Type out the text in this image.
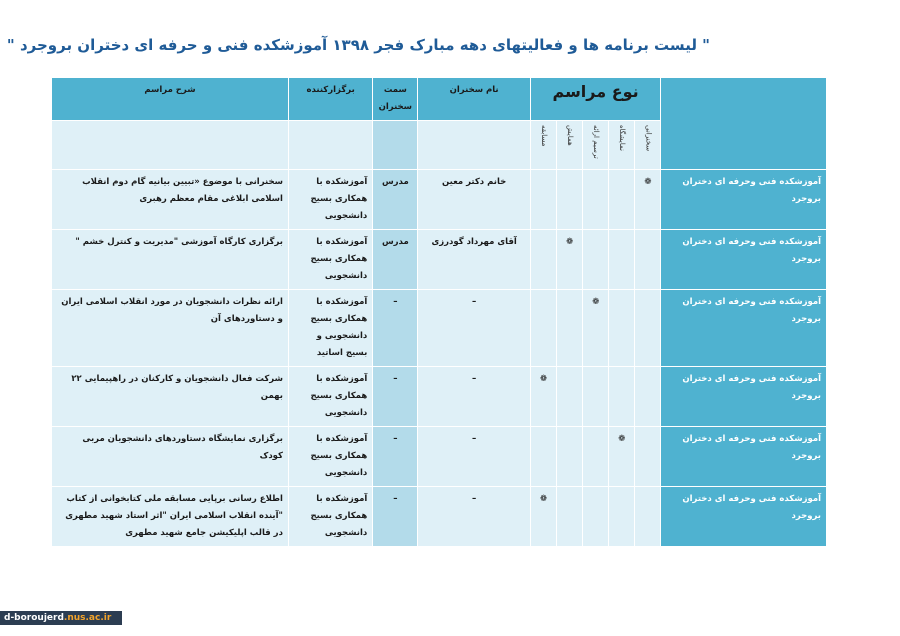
" لیست برنامه ها و فعالیتهای دهه مبارک فجر ۱۳۹۸ آموزشکده فنی و حرفه ای دختران بروجرد "
	نوع مراسم					نام سخنران	سمت سخنران	برگزارکننده	شرح مراسم
	سخنرانی	نمایشگاه	ترسیم ارائه	همایش	مسابقه				
آموزشکده فنی وحرفه ای دختران بروجرد	❁					خانم دکتر معین	مدرس	آموزشکده با همکاری بسیج دانشجویی	سخنرانی با موضوع «تبیین بیانیه گام دوم انقلاب اسلامی ابلاغی مقام معظم رهبری
آموزشکده فنی وحرفه ای دختران بروجرد				❁		آقای مهرداد گودرزی	مدرس	آموزشکده با همکاری بسیج دانشجویی	برگزاری کارگاه آموزشی "مدیریت و کنترل خشم "
آموزشکده فنی وحرفه ای دختران بروجرد			❁			–	–	آموزشکده با همکاری بسیج دانشجویی و بسیج اساتید	ارائه نظرات دانشجویان در مورد انقلاب اسلامی ایران و دستاوردهای آن
آموزشکده فنی وحرفه ای دختران بروجرد					❁	–	–	آموزشکده با همکاری بسیج دانشجویی	شرکت فعال دانشجویان و کارکنان در راهپیمایی ۲۲ بهمن
آموزشکده فنی وحرفه ای دختران بروجرد		❁				–	–	آموزشکده با همکاری بسیج دانشجویی	برگزاری نمایشگاه دستاوردهای دانشجویان مربی کودک
آموزشکده فنی وحرفه ای دختران بروجرد					❁	–	–	آموزشکده با همکاری بسیج دانشجویی	اطلاع رسانی برپایی مسابقه ملی کتابخوانی از کتاب "آینده انقلاب اسلامی ایران "اثر استاد شهید مطهری در قالب اپلیکیشن جامع شهید مطهری
d-boroujerd.nus.ac.ir
